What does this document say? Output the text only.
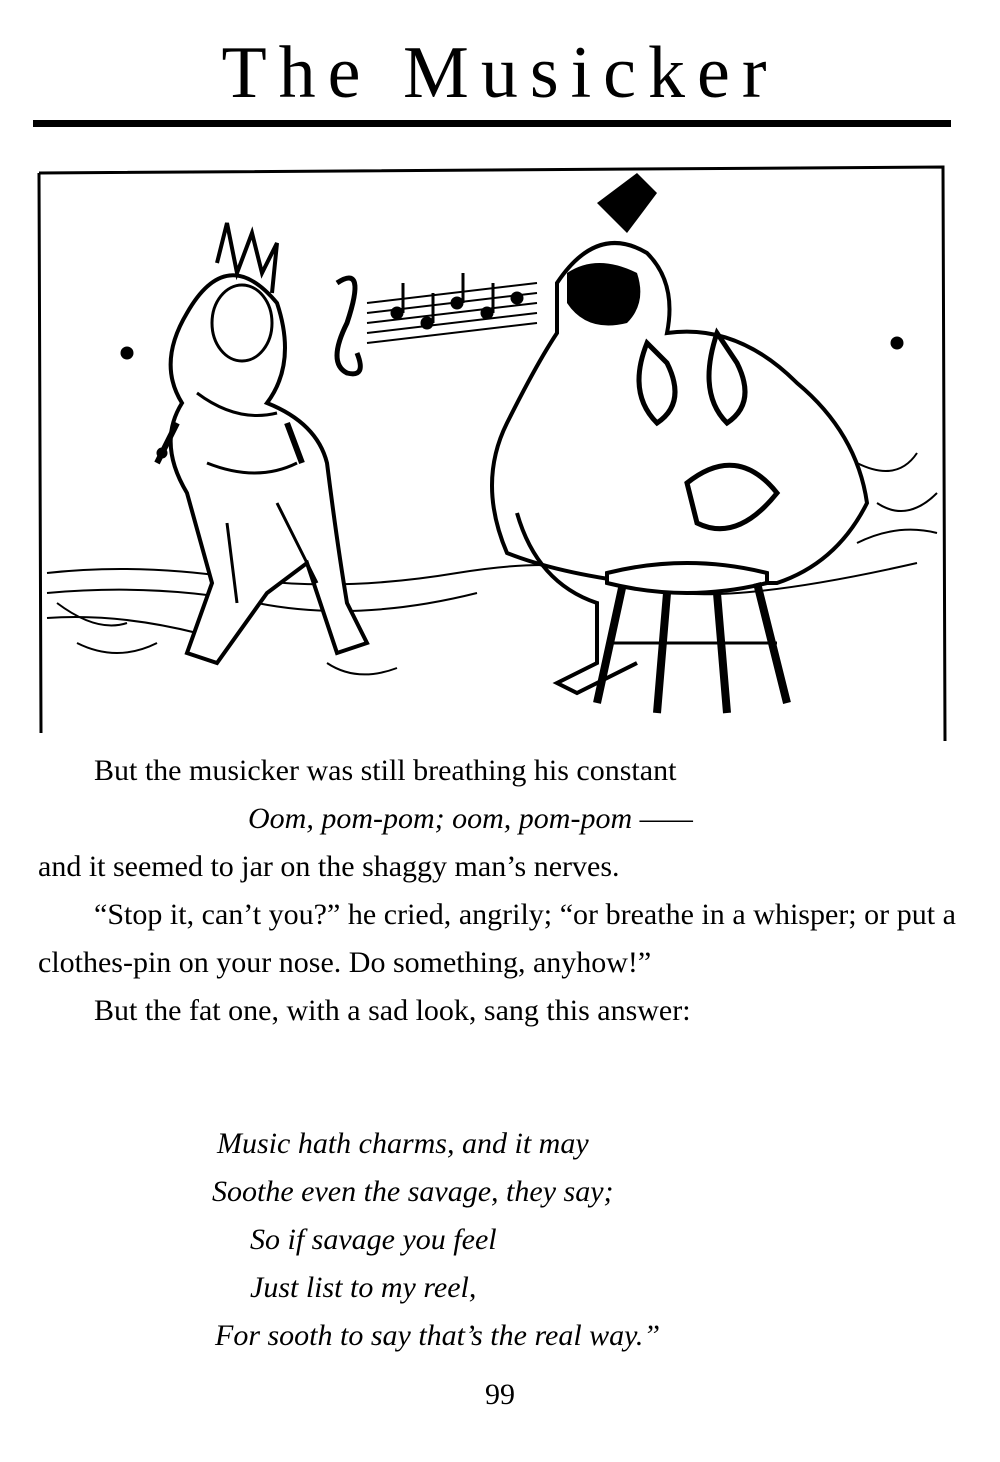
The Musicker

But the musicker was still breathing his constant

Oom, pom-pom; oom, pom-pom ——

and it seemed to jar on the shaggy man’s nerves.

“Stop it, can’t you?” he cried, angrily; “or breathe in a whisper; or put a clothes-pin on your nose. Do something, anyhow!”

But the fat one, with a sad look, sang this answer:

Music hath charms, and it may
Soothe even the savage, they say;
So if savage you feel
Just list to my reel,
For sooth to say that’s the real way.”
99
